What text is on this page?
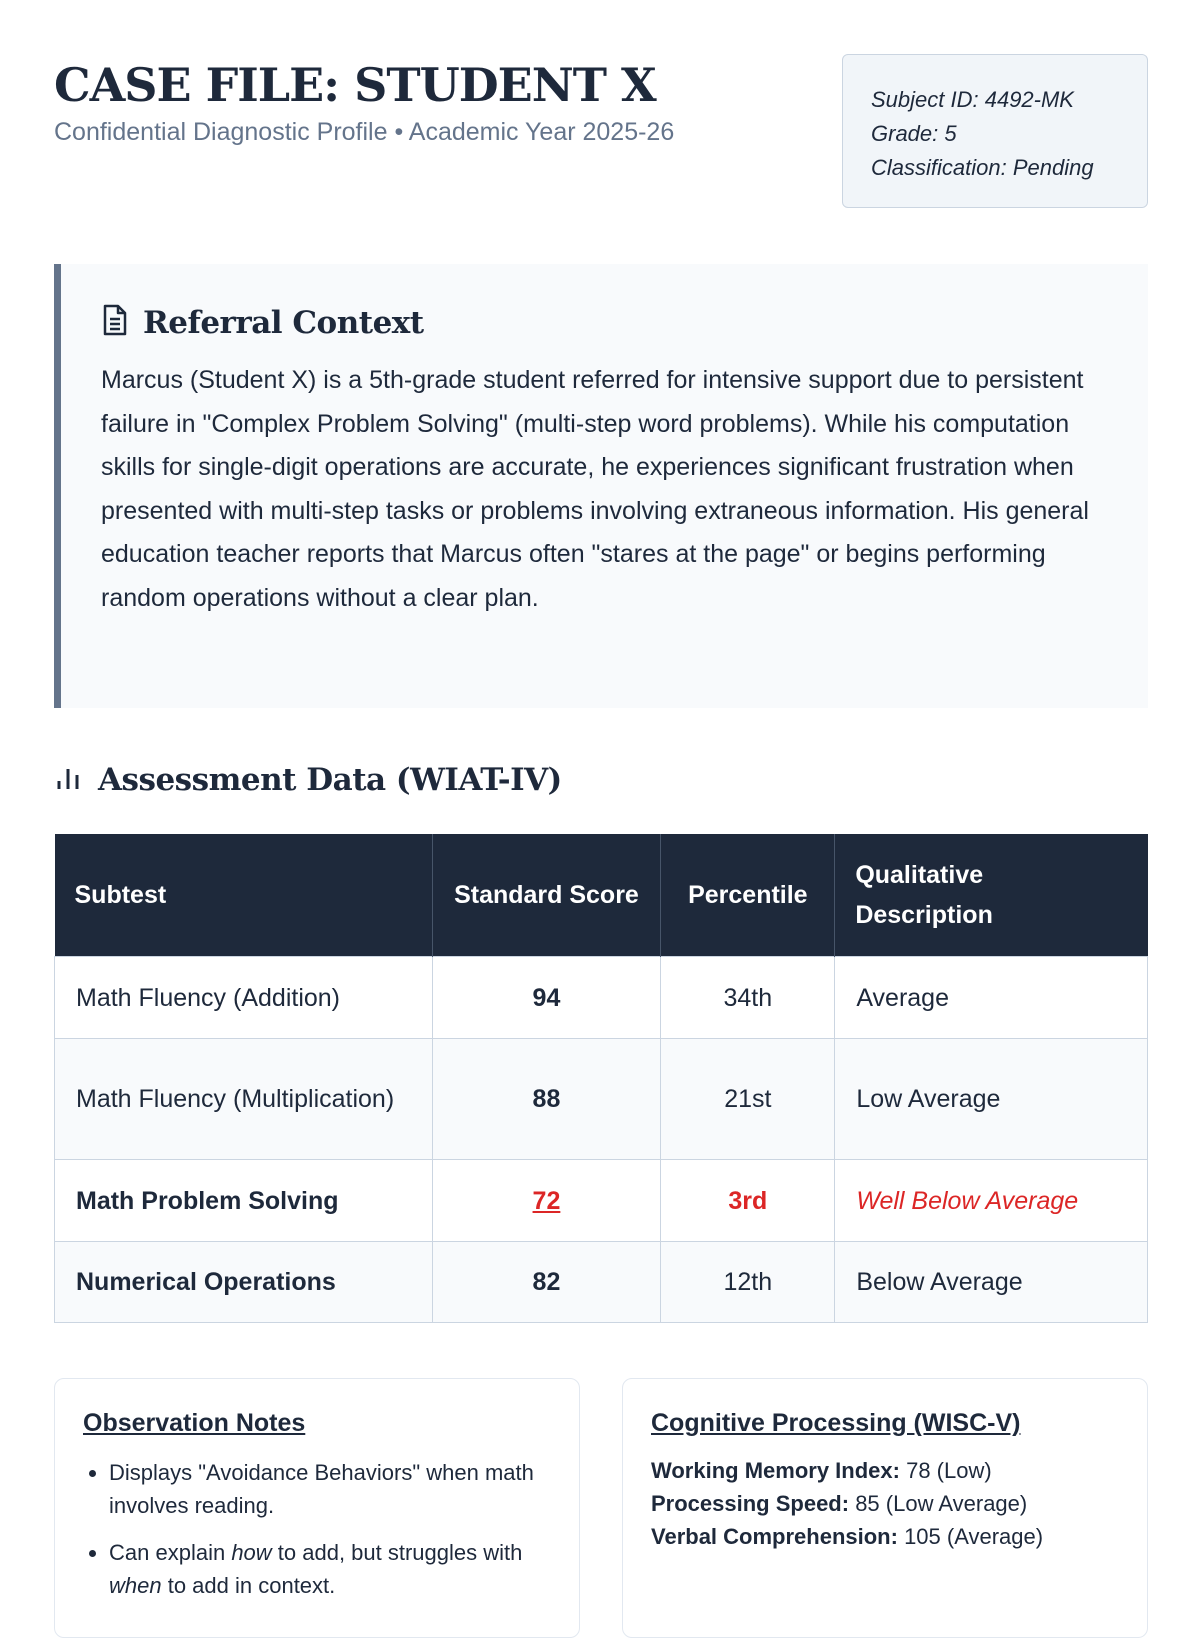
CASE FILE: STUDENT X
Confidential Diagnostic Profile • Academic Year 2025-26
Subject ID: 4492-MK
Grade: 5
Classification: Pending
Referral Context

Marcus (Student X) is a 5th-grade student referred for intensive support due to persistent failure in "Complex Problem Solving" (multi-step word problems). While his computation skills for single-digit operations are accurate, he experiences significant frustration when presented with multi-step tasks or problems involving extraneous information. His general education teacher reports that Marcus often "stares at the page" or begins performing random operations without a clear plan.

Assessment Data (WIAT-IV)
Subtest	Standard Score	Percentile	Qualitative Description
Math Fluency (Addition)	94	34th	Average
Math Fluency (Multiplication)	88	21st	Low Average
Math Problem Solving	72	3rd	Well Below Average
Numerical Operations	82	12th	Below Average
Observation Notes
• Displays "Avoidance Behaviors" when math involves reading.
• Can explain how to add, but struggles with when to add in context.
Cognitive Processing (WISC-V)
Working Memory Index: 78 (Low)
Processing Speed: 85 (Low Average)
Verbal Comprehension: 105 (Average)
